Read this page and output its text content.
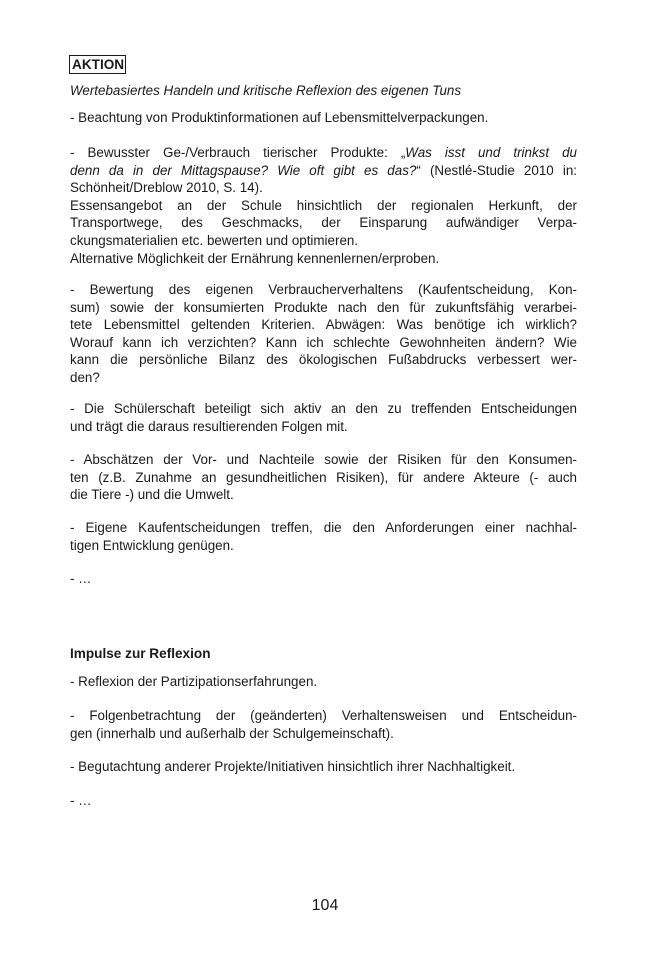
AKTION
Wertebasiertes Handeln und kritische Reflexion des eigenen Tuns
- Beachtung von Produktinformationen auf Lebensmittelverpackungen.
- Bewusster Ge-/Verbrauch tierischer Produkte: „Was isst und trinkst du
denn da in der Mittagspause? Wie oft gibt es das?“ (Nestlé-Studie 2010 in:
Schönheit/Dreblow 2010, S. 14).
Essensangebot an der Schule hinsichtlich der regionalen Herkunft, der
Transportwege, des Geschmacks, der Einsparung aufwändiger Verpa-
ckungsmaterialien etc. bewerten und optimieren.
Alternative Möglichkeit der Ernährung kennenlernen/erproben.
- Bewertung des eigenen Verbraucherverhaltens (Kaufentscheidung, Kon-
sum) sowie der konsumierten Produkte nach den für zukunftsfähig verarbei-
tete Lebensmittel geltenden Kriterien. Abwägen: Was benötige ich wirklich?
Worauf kann ich verzichten? Kann ich schlechte Gewohnheiten ändern? Wie
kann die persönliche Bilanz des ökologischen Fußabdrucks verbessert wer-
den?
- Die Schülerschaft beteiligt sich aktiv an den zu treffenden Entscheidungen
und trägt die daraus resultierenden Folgen mit.
- Abschätzen der Vor- und Nachteile sowie der Risiken für den Konsumen-
ten (z.B. Zunahme an gesundheitlichen Risiken), für andere Akteure (- auch
die Tiere -) und die Umwelt.
- Eigene Kaufentscheidungen treffen, die den Anforderungen einer nachhal-
tigen Entwicklung genügen.
- …
Impulse zur Reflexion
- Reflexion der Partizipationserfahrungen.
- Folgenbetrachtung der (geänderten) Verhaltensweisen und Entscheidun-
gen (innerhalb und außerhalb der Schulgemeinschaft).
- Begutachtung anderer Projekte/Initiativen hinsichtlich ihrer Nachhaltigkeit.
- …
104
